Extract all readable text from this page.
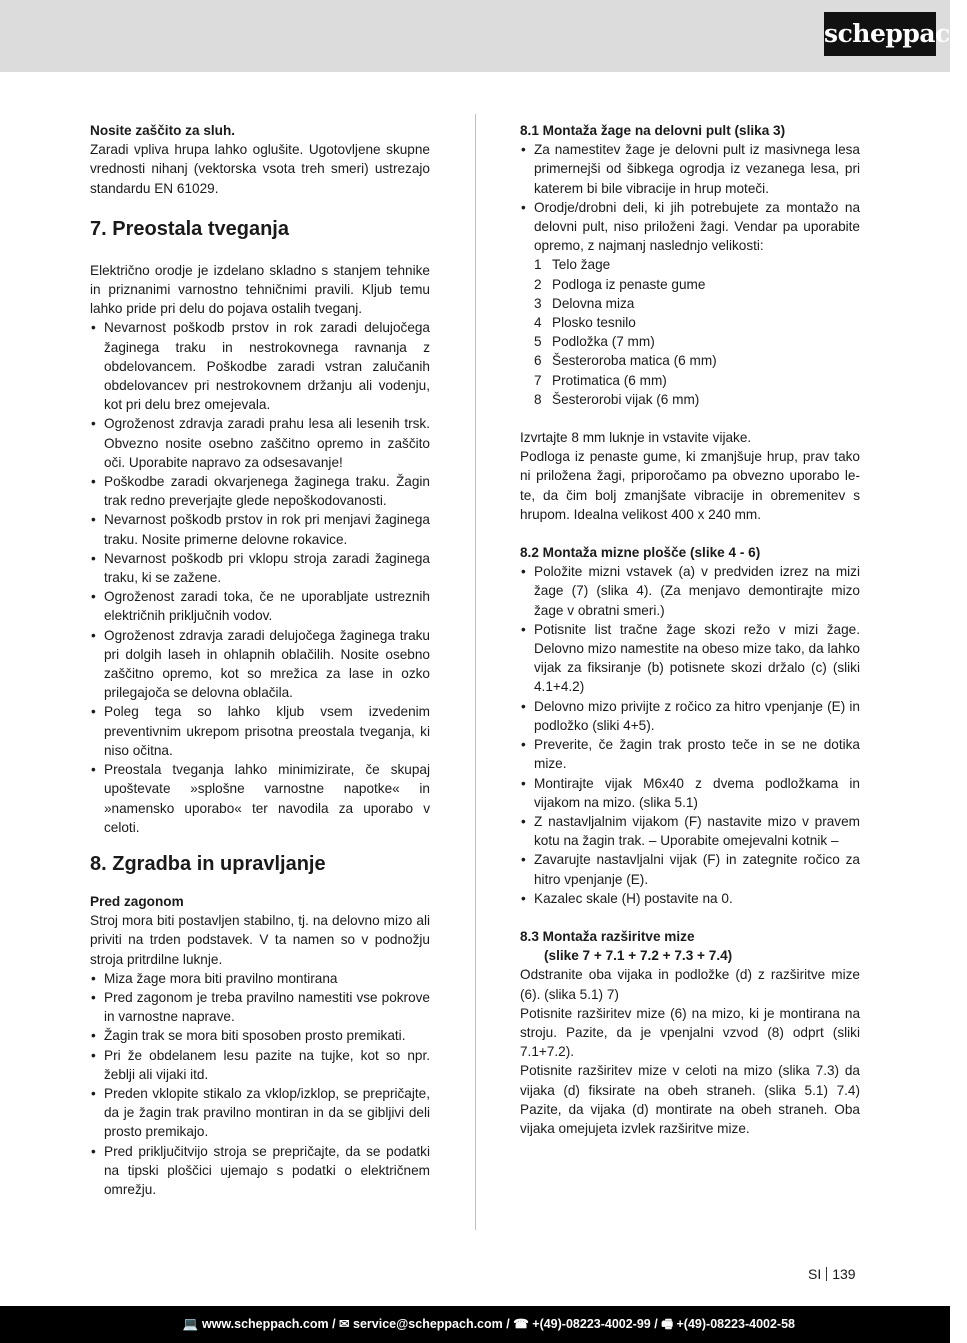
scheppach

Nosite zaščito za sluh.

Zaradi vpliva hrupa lahko oglušite. Ugotovljene skupne vrednosti nihanj (vektorska vsota treh smeri) ustrezajo standardu EN 61029.

7. Preostala tveganja

Električno orodje je izdelano skladno s stanjem tehnike in priznanimi varnostno tehničnimi pravili. Kljub temu lahko pride pri delu do pojava ostalih tveganj.

• Nevarnost poškodb prstov in rok zaradi delujočega žaginega traku in nestrokovnega ravnanja z obdelovancem. Poškodbe zaradi vstran zalučanih obdelovancev pri nestrokovnem držanju ali vodenju, kot pri delu brez omejevala.
• Ogroženost zdravja zaradi prahu lesa ali lesenih trsk. Obvezno nosite osebno zaščitno opremo in zaščito oči. Uporabite napravo za odsesavanje!
• Poškodbe zaradi okvarjenega žaginega traku. Žagin trak redno preverjajte glede nepoškodovanosti.
• Nevarnost poškodb prstov in rok pri menjavi žaginega traku. Nosite primerne delovne rokavice.
• Nevarnost poškodb pri vklopu stroja zaradi žaginega traku, ki se zažene.
• Ogroženost zaradi toka, če ne uporabljate ustreznih električnih priključnih vodov.
• Ogroženost zdravja zaradi delujočega žaginega traku pri dolgih laseh in ohlapnih oblačilih. Nosite osebno zaščitno opremo, kot so mrežica za lase in ozko prilegajoča se delovna oblačila.
• Poleg tega so lahko kljub vsem izvedenim preventivnim ukrepom prisotna preostala tveganja, ki niso očitna.
• Preostala tveganja lahko minimizirate, če skupaj upoštevate »splošne varnostne napotke« in »namensko uporabo« ter navodila za uporabo v celoti.

8. Zgradba in upravljanje

Pred zagonom

Stroj mora biti postavljen stabilno, tj. na delovno mizo ali priviti na trden podstavek. V ta namen so v podnožju stroja pritrdilne luknje.

• Miza žage mora biti pravilno montirana
• Pred zagonom je treba pravilno namestiti vse pokrove in varnostne naprave.
• Žagin trak se mora biti sposoben prosto premikati.
• Pri že obdelanem lesu pazite na tujke, kot so npr. žeblji ali vijaki itd.
• Preden vklopite stikalo za vklop/izklop, se prepričajte, da je žagin trak pravilno montiran in da se gibljivi deli prosto premikajo.
• Pred priključitvijo stroja se prepričajte, da se podatki na tipski ploščici ujemajo s podatki o električnem omrežju.

8.1 Montaža žage na delovni pult (slika 3)

• Za namestitev žage je delovni pult iz masivnega lesa primernejši od šibkega ogrodja iz vezanega lesa, pri katerem bi bile vibracije in hrup moteči.
• Orodje/drobni deli, ki jih potrebujete za montažo na delovni pult, niso priloženi žagi. Vendar pa uporabite opremo, z najmanj naslednjo velikosti:
1 Telo žage
2 Podloga iz penaste gume
3 Delovna miza
4 Plosko tesnilo
5 Podložka (7 mm)
6 Šesteroroba matica (6 mm)
7 Protimatica (6 mm)
8 Šesterorobi vijak (6 mm)

Izvrtajte 8 mm luknje in vstavite vijake.

Podloga iz penaste gume, ki zmanjšuje hrup, prav tako ni priložena žagi, priporočamo pa obvezno uporabo le-te, da čim bolj zmanjšate vibracije in obremenitev s hrupom. Idealna velikost 400 x 240 mm.

8.2 Montaža mizne plošče (slike 4 - 6)

• Položite mizni vstavek (a) v predviden izrez na mizi žage (7) (slika 4). (Za menjavo demontirajte mizo žage v obratni smeri.)
• Potisnite list tračne žage skozi režo v mizi žage. Delovno mizo namestite na obeso mize tako, da lahko vijak za fiksiranje (b) potisnete skozi držalo (c) (sliki 4.1+4.2)
• Delovno mizo privijte z ročico za hitro vpenjanje (E) in podložko (sliki 4+5).
• Preverite, če žagin trak prosto teče in se ne dotika mize.
• Montirajte vijak M6x40 z dvema podložkama in vijakom na mizo. (slika 5.1)
• Z nastavljalnim vijakom (F) nastavite mizo v pravem kotu na žagin trak. – Uporabite omejevalni kotnik –
• Zavarujte nastavljalni vijak (F) in zategnite ročico za hitro vpenjanje (E).
• Kazalec skale (H) postavite na 0.

8.3 Montaža razširitve mize

(slike 7 + 7.1 + 7.2 + 7.3 + 7.4)

Odstranite oba vijaka in podložke (d) z razširitve mize (6). (slika 5.1) 7)

Potisnite razširitev mize (6) na mizo, ki je montirana na stroju. Pazite, da je vpenjalni vzvod (8) odprt (sliki 7.1+7.2).

Potisnite razširitev mize v celoti na mizo (slika 7.3) da vijaka (d) fiksirate na obeh straneh. (slika 5.1) 7.4) Pazite, da vijaka (d) montirate na obeh straneh. Oba vijaka omejujeta izvlek razširitve mize.

SI 139
💻 www.scheppach.com / ✉ service@scheppach.com / ☎ +(49)-08223-4002-99 / 🖷 +(49)-08223-4002-58
